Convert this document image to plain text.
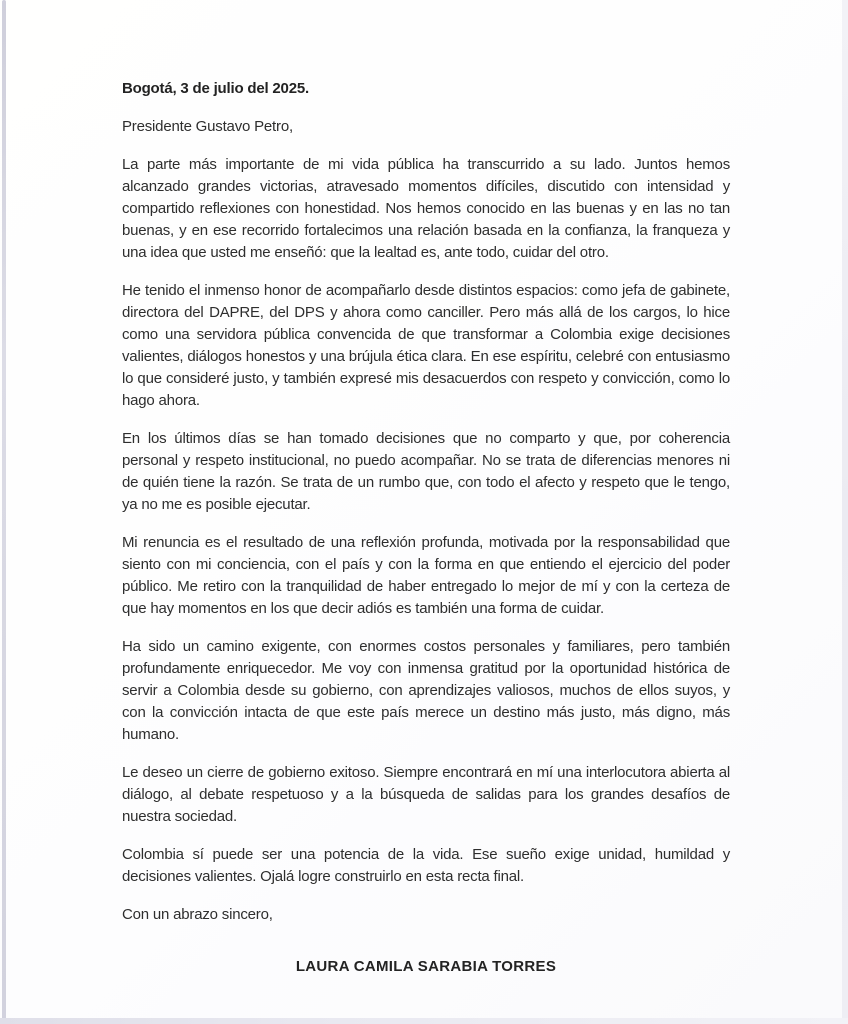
Bogotá, 3 de julio del 2025.

Presidente Gustavo Petro,

La parte más importante de mi vida pública ha transcurrido a su lado. Juntos hemos alcanzado grandes victorias, atravesado momentos difíciles, discutido con intensidad y compartido reflexiones con honestidad. Nos hemos conocido en las buenas y en las no tan buenas, y en ese recorrido fortalecimos una relación basada en la confianza, la franqueza y una idea que usted me enseñó: que la lealtad es, ante todo, cuidar del otro.

He tenido el inmenso honor de acompañarlo desde distintos espacios: como jefa de gabinete, directora del DAPRE, del DPS y ahora como canciller. Pero más allá de los cargos, lo hice como una servidora pública convencida de que transformar a Colombia exige decisiones valientes, diálogos honestos y una brújula ética clara. En ese espíritu, celebré con entusiasmo lo que consideré justo, y también expresé mis desacuerdos con respeto y convicción, como lo hago ahora.

En los últimos días se han tomado decisiones que no comparto y que, por coherencia personal y respeto institucional, no puedo acompañar. No se trata de diferencias menores ni de quién tiene la razón. Se trata de un rumbo que, con todo el afecto y respeto que le tengo, ya no me es posible ejecutar.

Mi renuncia es el resultado de una reflexión profunda, motivada por la responsabilidad que siento con mi conciencia, con el país y con la forma en que entiendo el ejercicio del poder público. Me retiro con la tranquilidad de haber entregado lo mejor de mí y con la certeza de que hay momentos en los que decir adiós es también una forma de cuidar.

Ha sido un camino exigente, con enormes costos personales y familiares, pero también profundamente enriquecedor. Me voy con inmensa gratitud por la oportunidad histórica de servir a Colombia desde su gobierno, con aprendizajes valiosos, muchos de ellos suyos, y con la convicción intacta de que este país merece un destino más justo, más digno, más humano.

Le deseo un cierre de gobierno exitoso. Siempre encontrará en mí una interlocutora abierta al diálogo, al debate respetuoso y a la búsqueda de salidas para los grandes desafíos de nuestra sociedad.

Colombia sí puede ser una potencia de la vida. Ese sueño exige unidad, humildad y decisiones valientes. Ojalá logre construirlo en esta recta final.

Con un abrazo sincero,

LAURA CAMILA SARABIA TORRES
